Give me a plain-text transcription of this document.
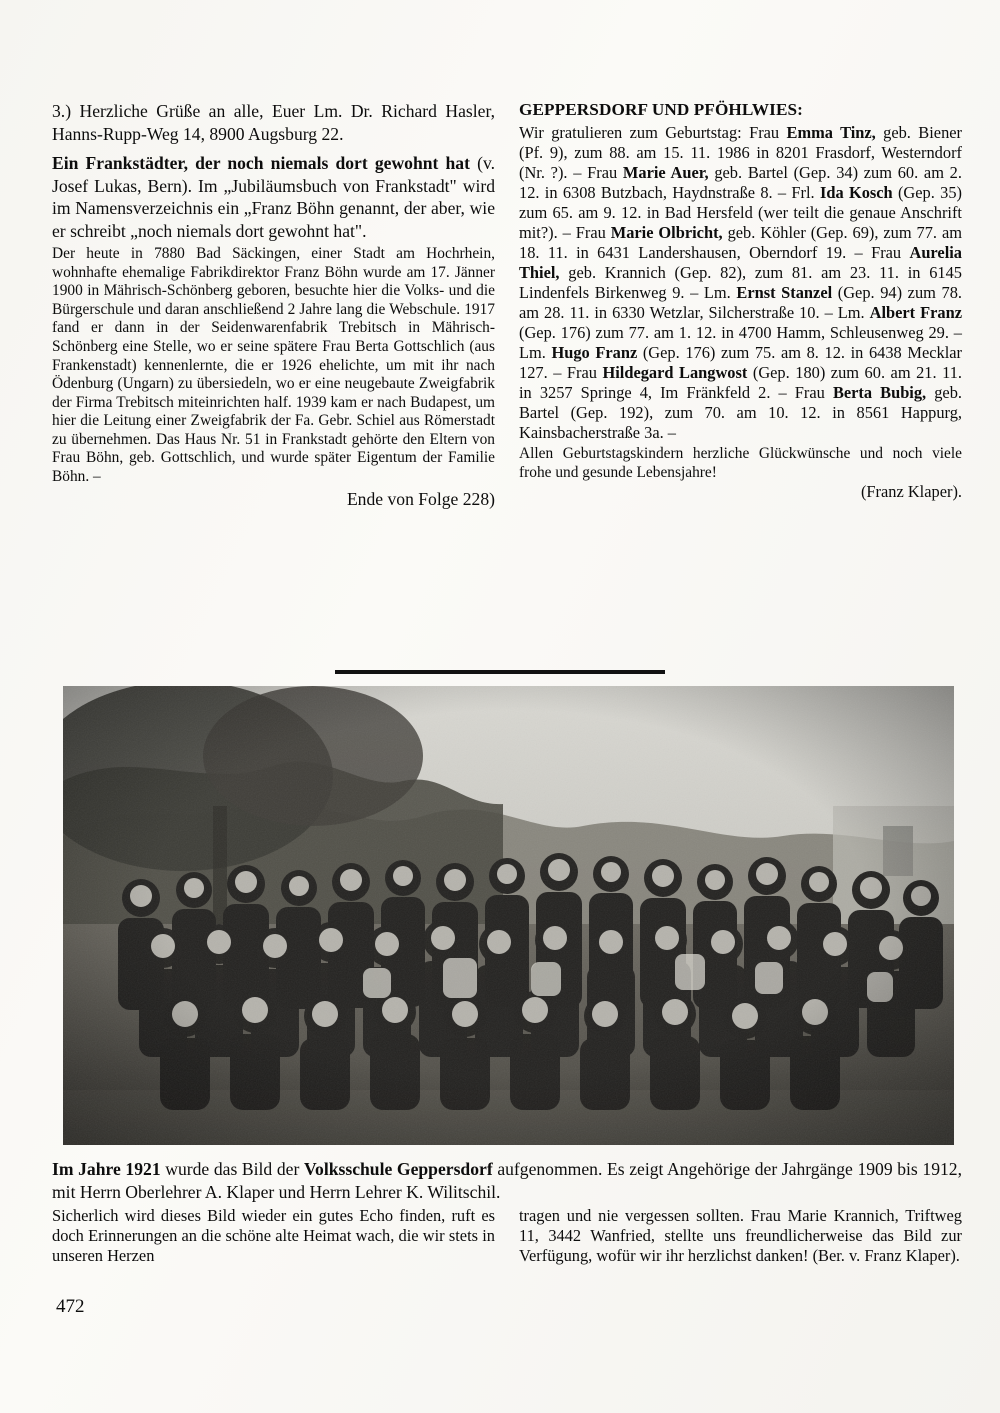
3.) Herzliche Grüße an alle, Euer Lm. Dr. Richard Hasler, Hanns-Rupp-Weg 14, 8900 Augsburg 22.

Ein Frankstädter, der noch niemals dort gewohnt hat (v. Josef Lukas, Bern). Im „Jubiläumsbuch von Frankstadt" wird im Namensverzeichnis ein „Franz Böhn genannt, der aber, wie er schreibt „noch niemals dort gewohnt hat".

Der heute in 7880 Bad Säckingen, einer Stadt am Hochrhein, wohnhafte ehemalige Fabrikdirektor Franz Böhn wurde am 17. Jänner 1900 in Mährisch-Schönberg geboren, besuchte hier die Volks- und die Bürgerschule und daran anschließend 2 Jahre lang die Webschule. 1917 fand er dann in der Seidenwarenfabrik Trebitsch in Mährisch-Schönberg eine Stelle, wo er seine spätere Frau Berta Gottschlich (aus Frankenstadt) kennenlernte, die er 1926 ehelichte, um mit ihr nach Ödenburg (Ungarn) zu übersiedeln, wo er eine neugebaute Zweigfabrik der Firma Trebitsch miteinrichten half. 1939 kam er nach Budapest, um hier die Leitung einer Zweigfabrik der Fa. Gebr. Schiel aus Römerstadt zu übernehmen. Das Haus Nr. 51 in Frankstadt gehörte den Eltern von Frau Böhn, geb. Gottschlich, und wurde später Eigentum der Familie Böhn. –

Ende von Folge 228)

GEPPERSDORF UND PFÖHLWIES:

Wir gratulieren zum Geburtstag: Frau Emma Tinz, geb. Biener (Pf. 9), zum 88. am 15. 11. 1986 in 8201 Frasdorf, Westerndorf (Nr. ?). – Frau Marie Auer, geb. Bartel (Gep. 34) zum 60. am 2. 12. in 6308 Butzbach, Haydnstraße 8. – Frl. Ida Kosch (Gep. 35) zum 65. am 9. 12. in Bad Hersfeld (wer teilt die genaue Anschrift mit?). – Frau Marie Olbricht, geb. Köhler (Gep. 69), zum 77. am 18. 11. in 6431 Landershausen, Oberndorf 19. – Frau Aurelia Thiel, geb. Krannich (Gep. 82), zum 81. am 23. 11. in 6145 Lindenfels Birkenweg 9. – Lm. Ernst Stanzel (Gep. 94) zum 78. am 28. 11. in 6330 Wetzlar, Silcherstraße 10. – Lm. Albert Franz (Gep. 176) zum 77. am 1. 12. in 4700 Hamm, Schleusenweg 29. – Lm. Hugo Franz (Gep. 176) zum 75. am 8. 12. in 6438 Mecklar 127. – Frau Hildegard Langwost (Gep. 180) zum 60. am 21. 11. in 3257 Springe 4, Im Fränkfeld 2. – Frau Berta Bubig, geb. Bartel (Gep. 192), zum 70. am 10. 12. in 8561 Happurg, Kainsbacherstraße 3a. –

Allen Geburtstagskindern herzliche Glückwünsche und noch viele frohe und gesunde Lebensjahre!

(Franz Klaper).

Im Jahre 1921 wurde das Bild der Volksschule Geppersdorf aufgenommen. Es zeigt Angehörige der Jahrgänge 1909 bis 1912, mit Herrn Oberlehrer A. Klaper und Herrn Lehrer K. Wilitschil.

Sicherlich wird dieses Bild wieder ein gutes Echo finden, ruft es doch Erinnerungen an die schöne alte Heimat wach, die wir stets in unseren Herzen

tragen und nie vergessen sollten. Frau Marie Krannich, Triftweg 11, 3442 Wanfried, stellte uns freundlicherweise das Bild zur Verfügung, wofür wir ihr herzlichst danken! (Ber. v. Franz Klaper).

472
